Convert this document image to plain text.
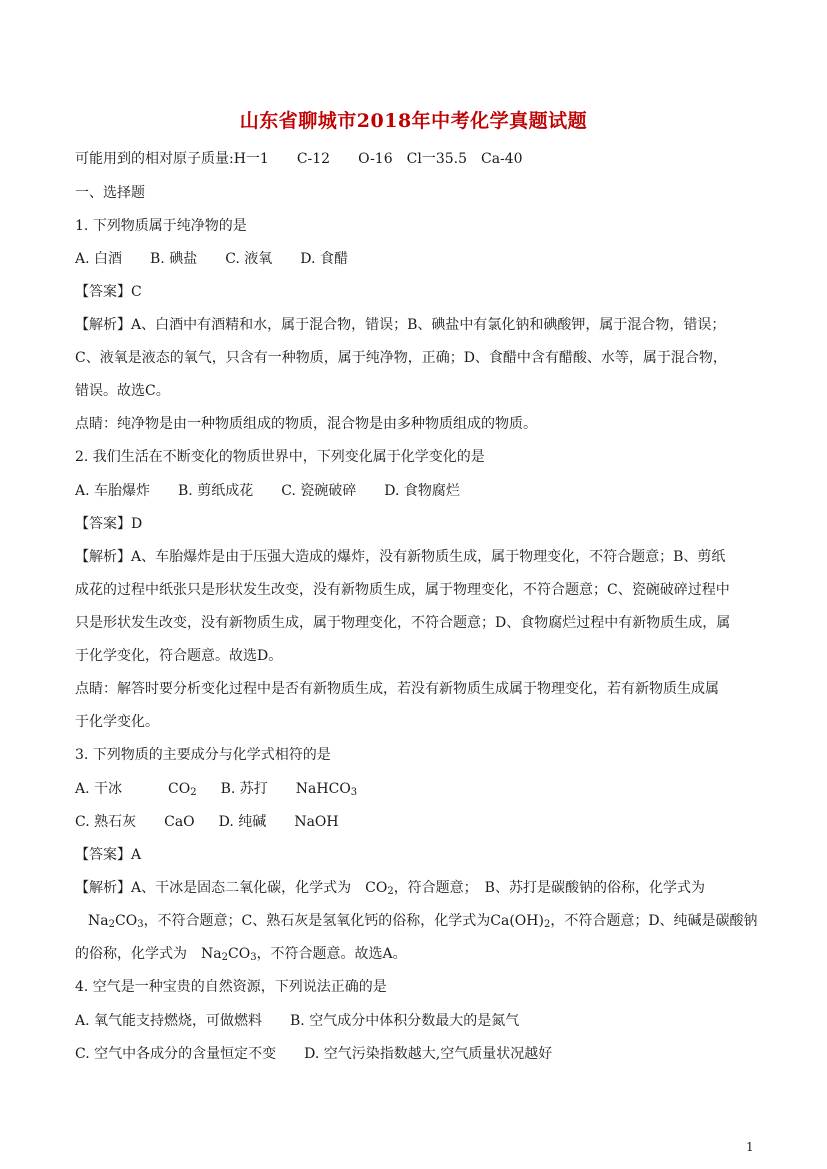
山东省聊城市2018年中考化学真题试题
可能用到的相对原子质量:H一1　　C-12　　O-16　Cl一35.5　Ca-40
一、选择题
1. 下列物质属于纯净物的是
A. 白酒　　B. 碘盐　　C. 液氧　　D. 食醋
【答案】C
【解析】A、白酒中有酒精和水，属于混合物，错误；B、碘盐中有氯化钠和碘酸钾，属于混合物，错误；
C、液氧是液态的氧气，只含有一种物质，属于纯净物，正确；D、食醋中含有醋酸、水等，属于混合物，
错误。故选C。
点睛：纯净物是由一种物质组成的物质，混合物是由多种物质组成的物质。
2. 我们生活在不断变化的物质世界中，下列变化属于化学变化的是
A. 车胎爆炸　　B. 剪纸成花　　C. 瓷碗破碎　　D. 食物腐烂
【答案】D
【解析】A、车胎爆炸是由于压强大造成的爆炸，没有新物质生成，属于物理变化，不符合题意；B、剪纸
成花的过程中纸张只是形状发生改变，没有新物质生成，属于物理变化，不符合题意；C、瓷碗破碎过程中
只是形状发生改变，没有新物质生成，属于物理变化，不符合题意；D、食物腐烂过程中有新物质生成，属
于化学变化，符合题意。故选D。
点睛：解答时要分析变化过程中是否有新物质生成，若没有新物质生成属于物理变化，若有新物质生成属
于化学变化。
3. 下列物质的主要成分与化学式相符的是
A. 干冰	$CO_2$ B. 苏打 NaHCO$_3$
C. 熟石灰 CaO D. 纯碱 NaOH
【答案】A
【解析】A、干冰是固态二氧化碳，化学式为　$CO_2$，符合题意；　B、苏打是碳酸钠的俗称，化学式为
$Na_2CO_3$，不符合题意；C、熟石灰是氢氧化钙的俗称，化学式为$Ca(OH)_2$，不符合题意；D、纯碱是碳酸钠
的俗称，化学式为　$Na_2CO_3$，不符合题意。故选A。
4. 空气是一种宝贵的自然资源，下列说法正确的是
A. 氧气能支持燃烧，可做燃料　　B. 空气成分中体积分数最大的是氮气
C. 空气中各成分的含量恒定不变　　D. 空气污染指数越大,空气质量状况越好
1
